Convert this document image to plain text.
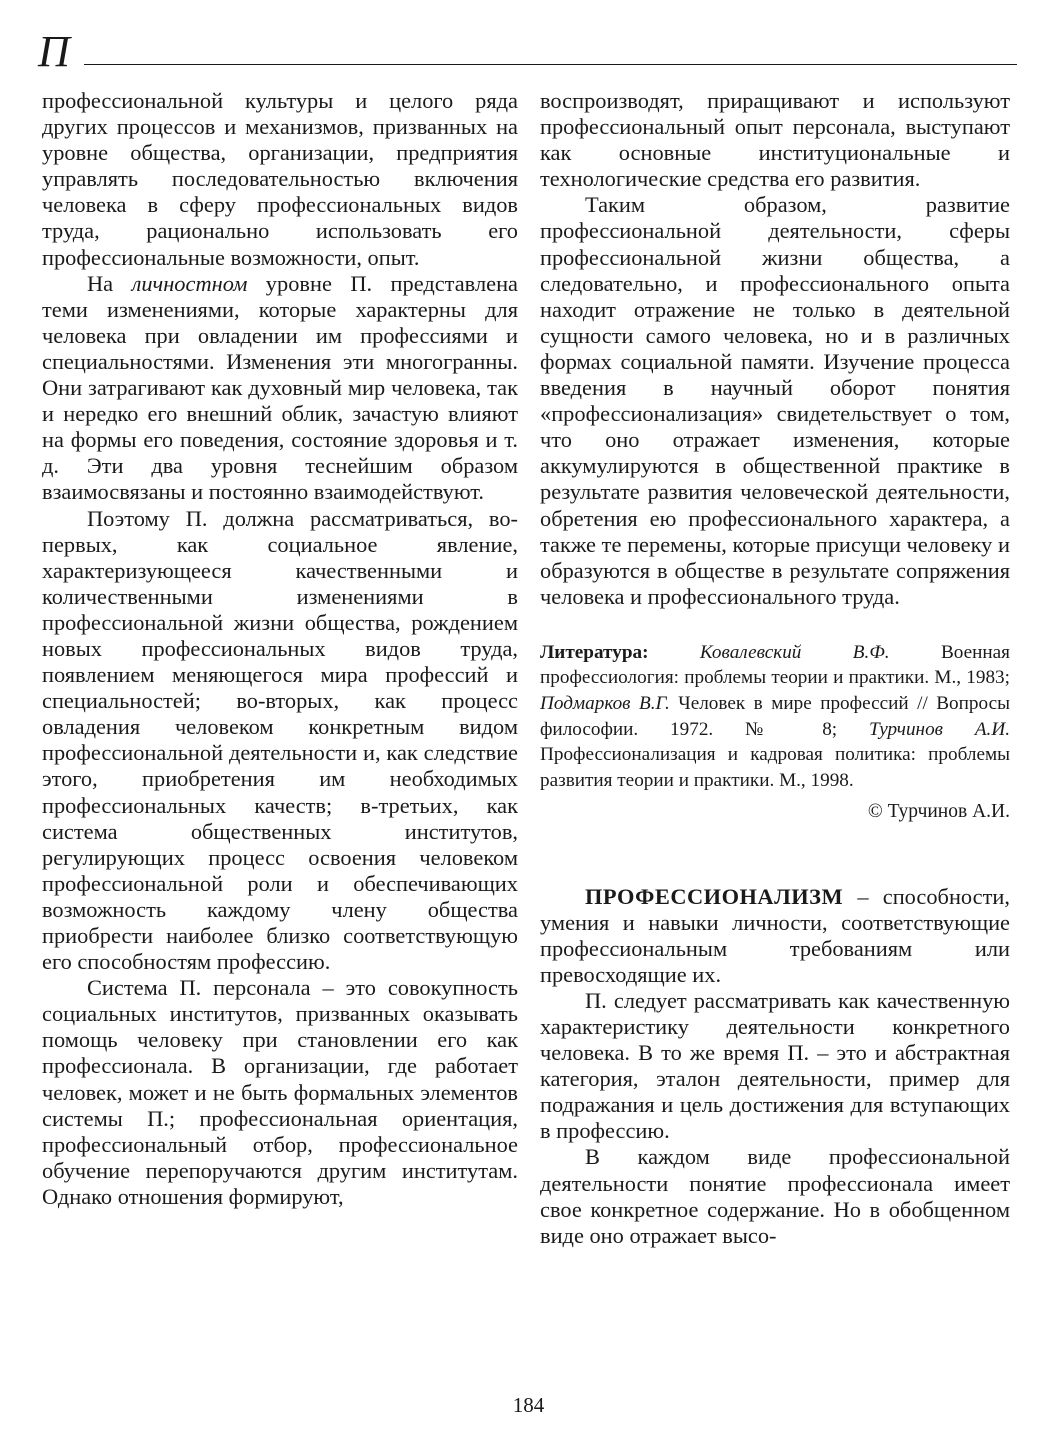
П

профессиональной культуры и целого ряда других процессов и механизмов, призванных на уровне общества, организации, предприятия управлять последовательностью включения человека в сферу профессиональных видов труда, рационально использовать его профессиональные возможности, опыт.

На личностном уровне П. представлена теми изменениями, которые характерны для человека при овладении им профессиями и специальностями. Изменения эти многогранны. Они затрагивают как духовный мир человека, так и нередко его внешний облик, зачастую влияют на формы его поведения, состояние здоровья и т. д. Эти два уровня теснейшим образом взаимосвязаны и постоянно взаимодействуют.

Поэтому П. должна рассматриваться, во-первых, как социальное явление, характеризующееся качественными и количественными изменениями в профессиональной жизни общества, рождением новых профессиональных видов труда, появлением меняющегося мира профессий и специальностей; во-вторых, как процесс овладения человеком конкретным видом профессиональной деятельности и, как следствие этого, приобретения им необходимых профессиональных качеств; в-третьих, как система общественных институтов, регулирующих процесс освоения человеком профессиональной роли и обеспечивающих возможность каждому члену общества приобрести наиболее близко соответствующую его способностям профессию.

Система П. персонала – это совокупность социальных институтов, призванных оказывать помощь человеку при становлении его как профессионала. В организации, где работает человек, может и не быть формальных элементов системы П.; профессиональная ориентация, профессиональный отбор, профессиональное обучение перепоручаются другим институтам. Однако отношения формируют,

воспроизводят, приращивают и используют профессиональный опыт персонала, выступают как основные институциональные и технологические средства его развития.

Таким образом, развитие профессиональной деятельности, сферы профессиональной жизни общества, а следовательно, и профессионального опыта находит отражение не только в деятельной сущности самого человека, но и в различных формах социальной памяти. Изучение процесса введения в научный оборот понятия «профессионализация» свидетельствует о том, что оно отражает изменения, которые аккумулируются в общественной практике в результате развития человеческой деятельности, обретения ею профессионального характера, а также те перемены, которые присущи человеку и образуются в обществе в результате сопряжения человека и профессионального труда.

Литература:	Ковалевский В.Ф. Военная профессиология: проблемы теории и практики. М., 1983; Подмарков В.Г. Человек в мире профессий // Вопросы философии. 1972. № 8; Турчинов А.И. Профессионализация и кадровая политика: проблемы развития теории и практики. М., 1998.

© Турчинов А.И.

ПРОФЕССИОНАЛИЗМ – способности, умения и навыки личности, соответствующие профессиональным требованиям или превосходящие их.

П. следует рассматривать как качественную характеристику деятельности конкретного человека. В то же время П. – это и абстрактная категория, эталон деятельности, пример для подражания и цель достижения для вступающих в профессию.

В каждом виде профессиональной деятельности понятие профессионала имеет свое конкретное содержание. Но в обобщенном виде оно отражает высо-

184
